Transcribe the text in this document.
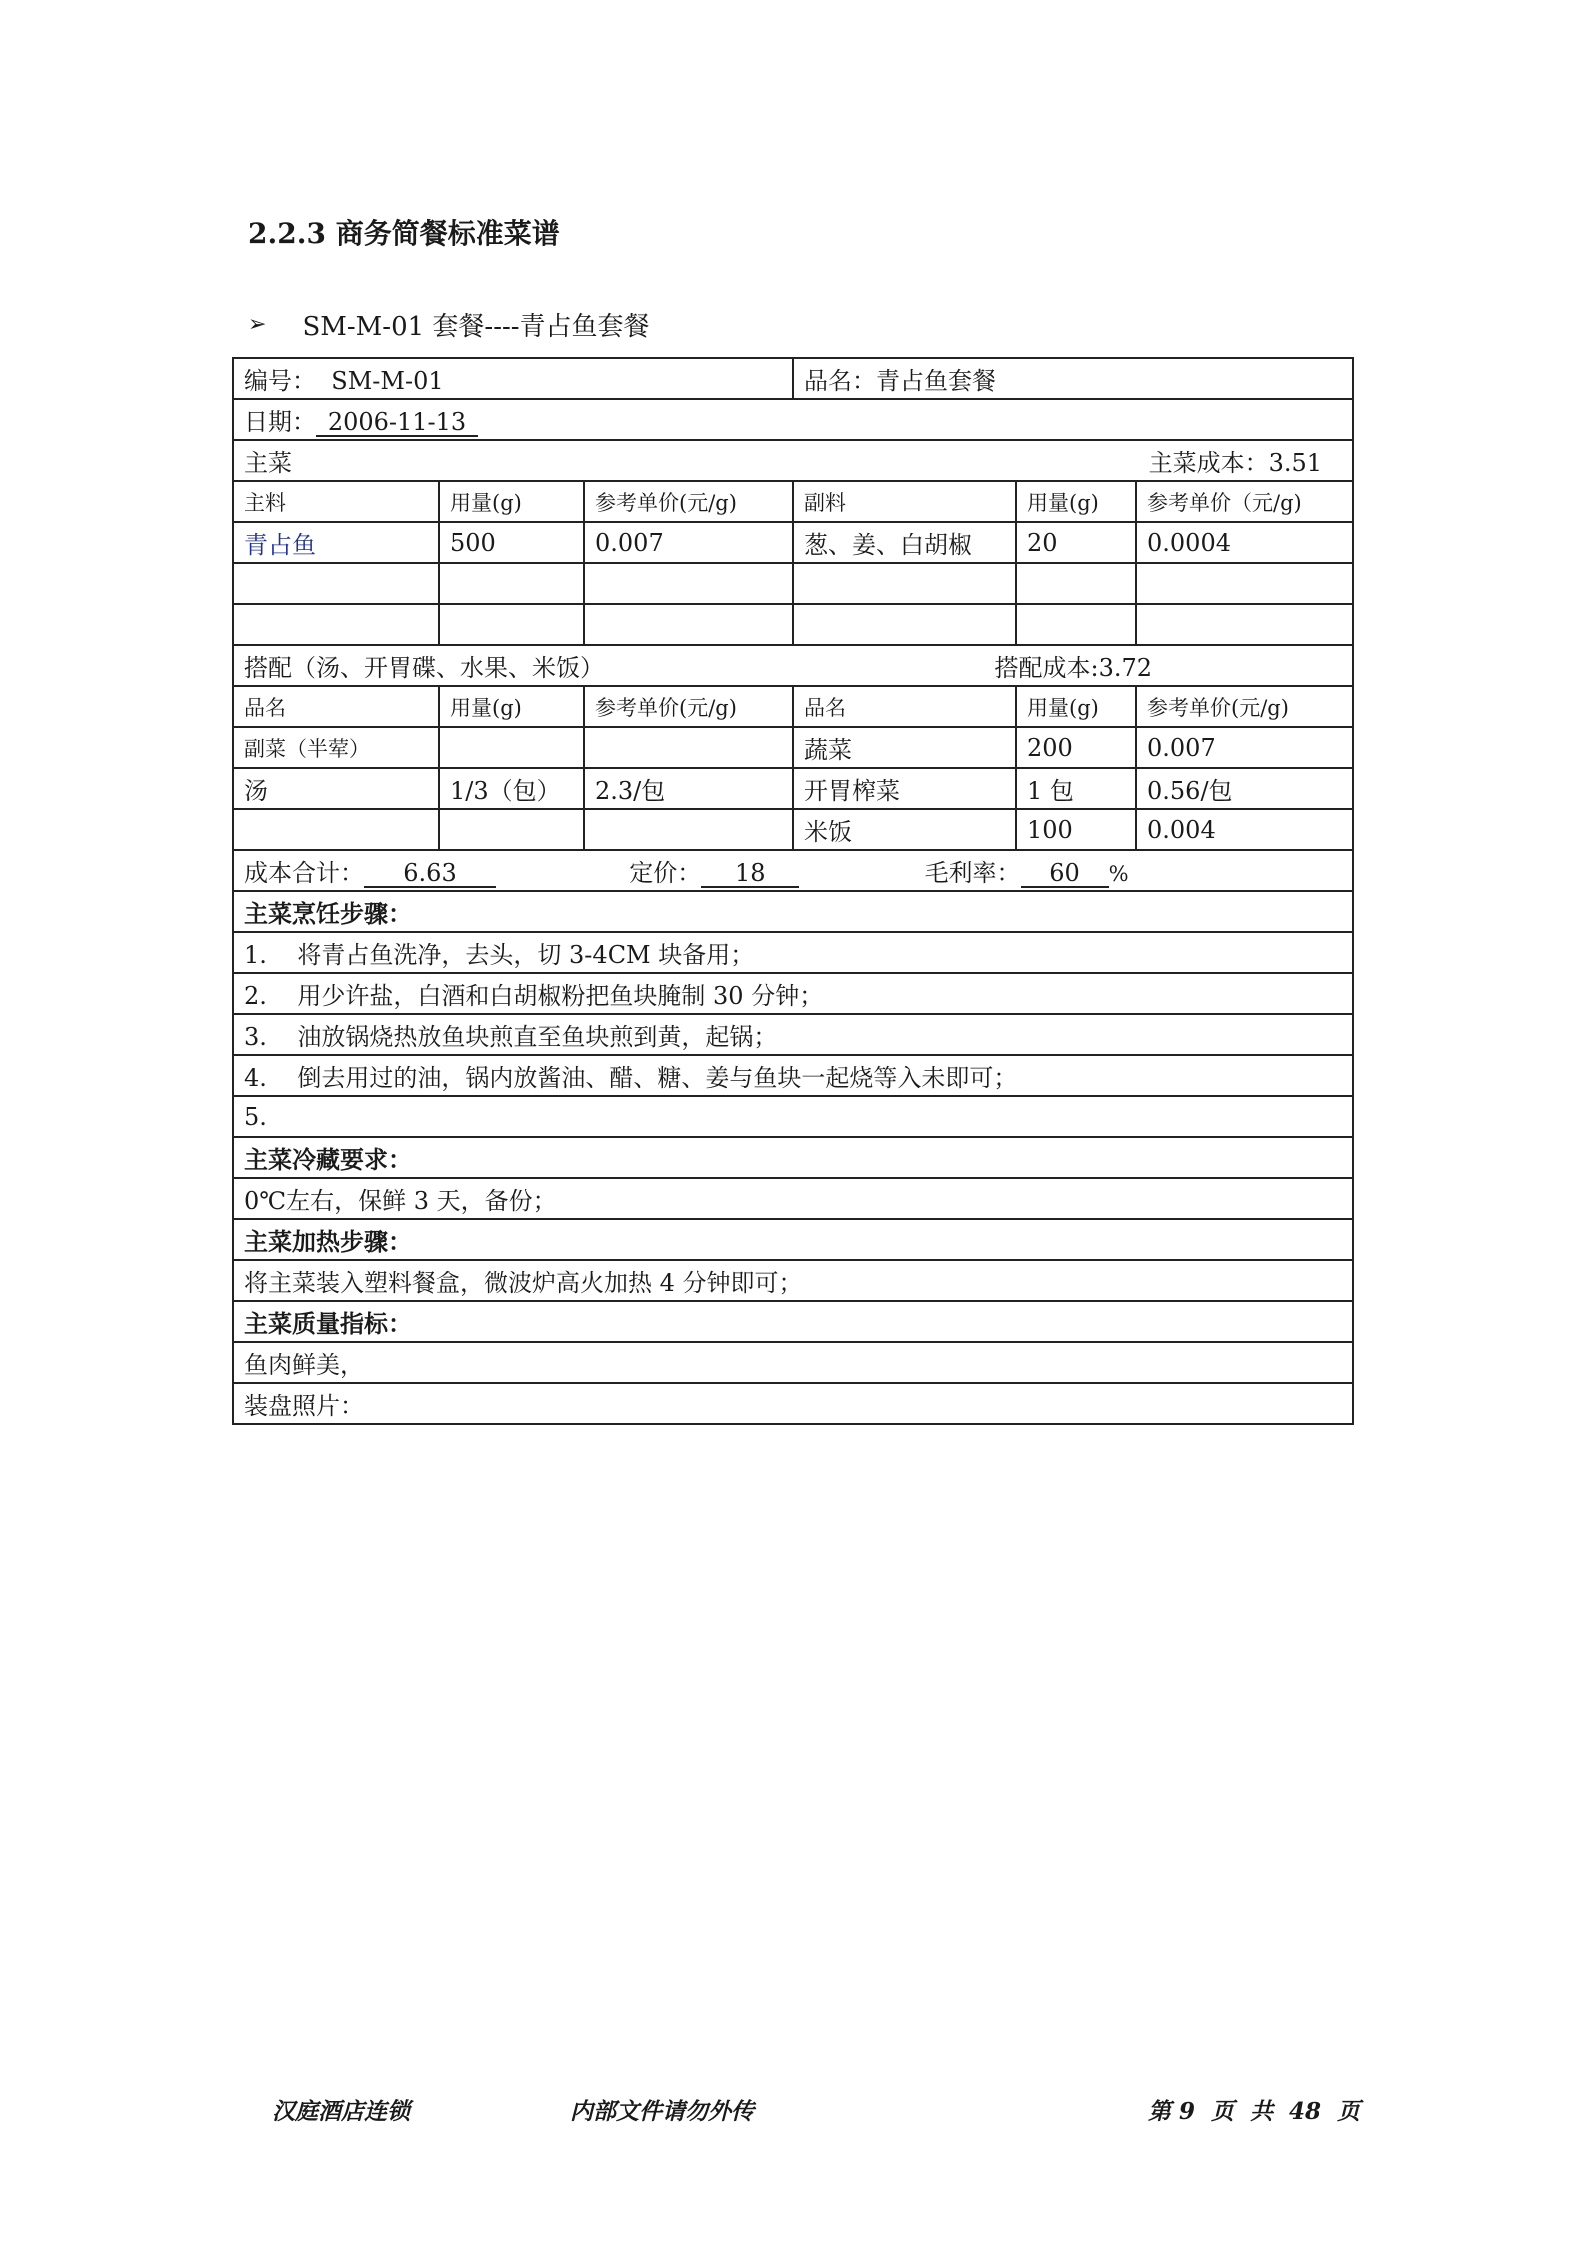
2.2.3 商务简餐标准菜谱
➢ SM-M-01 套餐----青占鱼套餐
编号： SM-M-01			品名：青占鱼套餐		
日期： 2006-11-13					

主菜 主菜成本：3.51					

主料	用量(g)	参考单价(元/g)	副料	用量(g)	参考单价（元/g)
青占鱼	500	0.007	葱、姜、白胡椒	20	0.0004

搭配（汤、开胃碟、水果、米饭） 搭配成本:3.72					

品名	用量(g)	参考单价(元/g)	品名	用量(g)	参考单价(元/g)
副菜（半荤）			蔬菜	200	0.007
汤	1/3（包）	2.3/包	开胃榨菜	1 包	0.56/包
			米饭	100	0.004
成本合计： 6.63 定价： 18 毛利率： 60 %					
主菜烹饪步骤：					
1.    将青占鱼洗净，去头，切 3-4CM 块备用；					
2.    用少许盐，白酒和白胡椒粉把鱼块腌制 30 分钟；					
3.    油放锅烧热放鱼块煎直至鱼块煎到黄，起锅；					
4.    倒去用过的油，锅内放酱油、醋、糖、姜与鱼块一起烧等入未即可；					
5.					
主菜冷藏要求：					
0℃左右，保鲜 3 天，备份；					
主菜加热步骤：					
将主菜装入塑料餐盒，微波炉高火加热 4 分钟即可；					
主菜质量指标：					
鱼肉鲜美，					
装盘照片：					
汉庭酒店连锁	内部文件请勿外传	第 9  页  共  48  页
